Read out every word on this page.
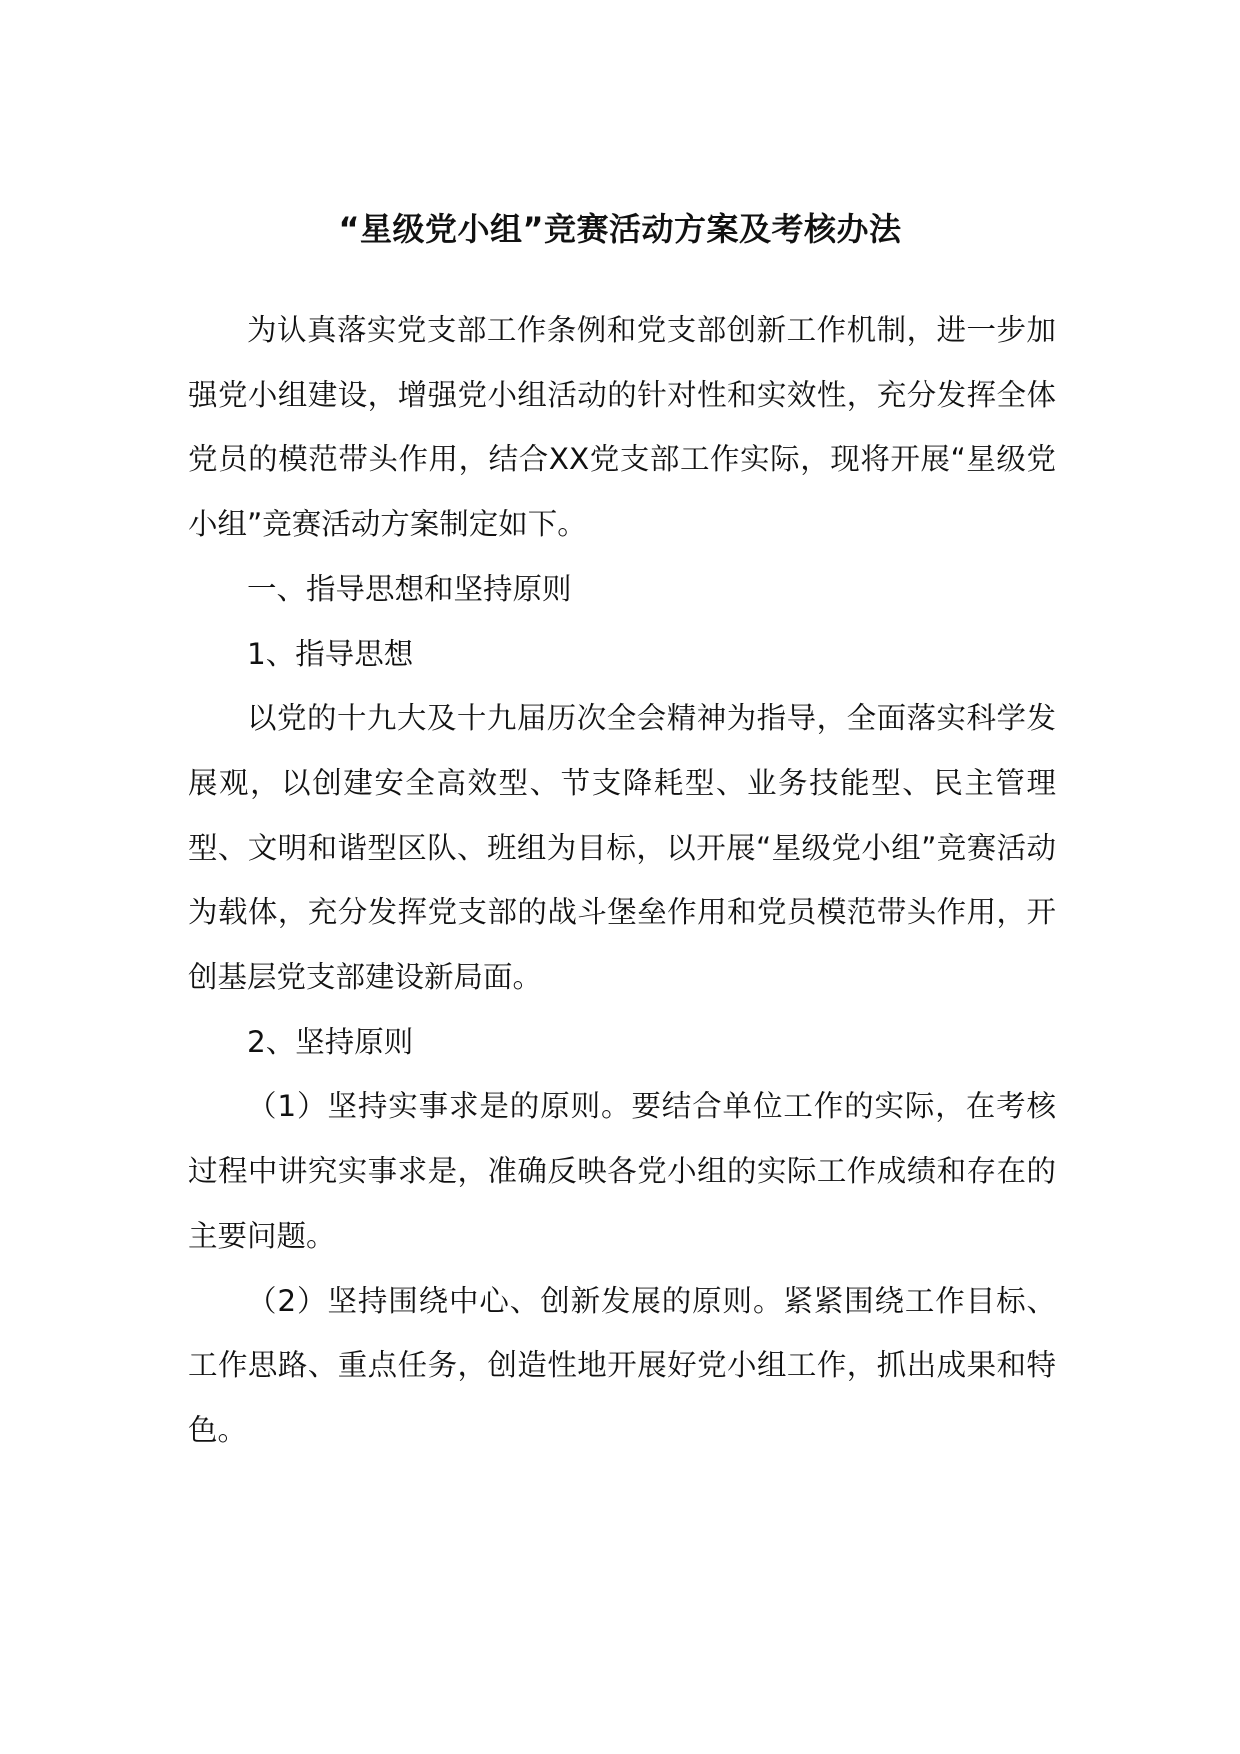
“星级党小组”竞赛活动方案及考核办法

为认真落实党支部工作条例和党支部创新工作机制，进一步加强党小组建设，增强党小组活动的针对性和实效性，充分发挥全体党员的模范带头作用，结合XX党支部工作实际，现将开展“星级党小组”竞赛活动方案制定如下。

一、指导思想和坚持原则

1、指导思想

以党的十九大及十九届历次全会精神为指导，全面落实科学发展观，以创建安全高效型、节支降耗型、业务技能型、民主管理型、文明和谐型区队、班组为目标，以开展“星级党小组”竞赛活动为载体，充分发挥党支部的战斗堡垒作用和党员模范带头作用，开创基层党支部建设新局面。

2、坚持原则

（1）坚持实事求是的原则。要结合单位工作的实际，在考核过程中讲究实事求是，准确反映各党小组的实际工作成绩和存在的主要问题。

（2）坚持围绕中心、创新发展的原则。紧紧围绕工作目标、工作思路、重点任务，创造性地开展好党小组工作，抓出成果和特色。
